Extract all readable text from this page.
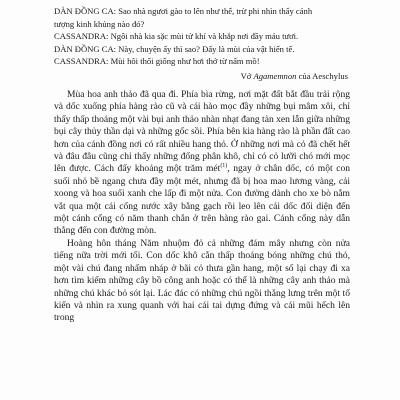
DÀN ĐỒNG CA: Sao nhà ngươi gào to lên như thế, trừ phi nhìn thấy cảnh

tượng kinh khủng nào đó?

CASSANDRA: Ngôi nhà kia sặc mùi tử khí và khắp nơi đầy máu tươi.

DÀN ĐỒNG CA: Này, chuyện ấy thì sao? Đấy là mùi của vật hiến tế.

CASSANDRA: Mùi hôi thối giống như hơi thở từ nấm mồ!

Vở Agamemnon của Aeschylus

Mùa hoa anh thảo đã qua đi. Phía bìa rừng, nơi mặt đất bắt đầu trải rộng và dốc xuống phía hàng rào cũ và cái hào mọc đầy những bụi mâm xôi, chỉ thấy thấp thoáng một vài bụi anh thảo nhàn nhạt đang tàn xen lẫn giữa những bụi cây thủy thần dại và những gốc sồi. Phía bên kia hàng rào là phần đất cao hơn của cánh đồng nơi có rất nhiều hang thỏ. Ở những nơi mà cỏ đã chết hết và đâu đâu cũng chỉ thấy những đống phân khô, chỉ có cỏ lưỡi chó mới mọc lên được. Cách đấy khoảng một trăm mét$^{(1)}$, ngay ở chân dốc, có một con suối nhỏ bề ngang chưa đầy một mét, nhưng đã bị hoa mao lương vàng, cải xoong và hoa suối xanh che lấp đi một nửa. Con đường dành cho xe bò nằm vắt qua một cái cống nước xây bằng gạch rồi leo lên cái dốc đối diện đến một cánh cổng có năm thanh chắn ở trên hàng rào gai. Cánh cổng này dẫn thẳng đến con đường mòn.

Hoàng hôn tháng Năm nhuộm đỏ cả những đám mây nhưng còn nửa tiếng nữa trời mới tối. Con dốc khô cằn thấp thoáng bóng những chú thỏ, một vài chú đang nhấm nháp ở bãi cỏ thưa gần hang, một số lại chạy đi xa hơn tìm kiếm những cây bồ công anh hoặc có thể là những cây anh thảo mà những chú khác bỏ sót lại. Lác đác có những chú ngồi thẳng lưng trên một tổ kiến và nhìn ra xung quanh với hai cái tai dựng đứng và cái mũi hếch lên trong
